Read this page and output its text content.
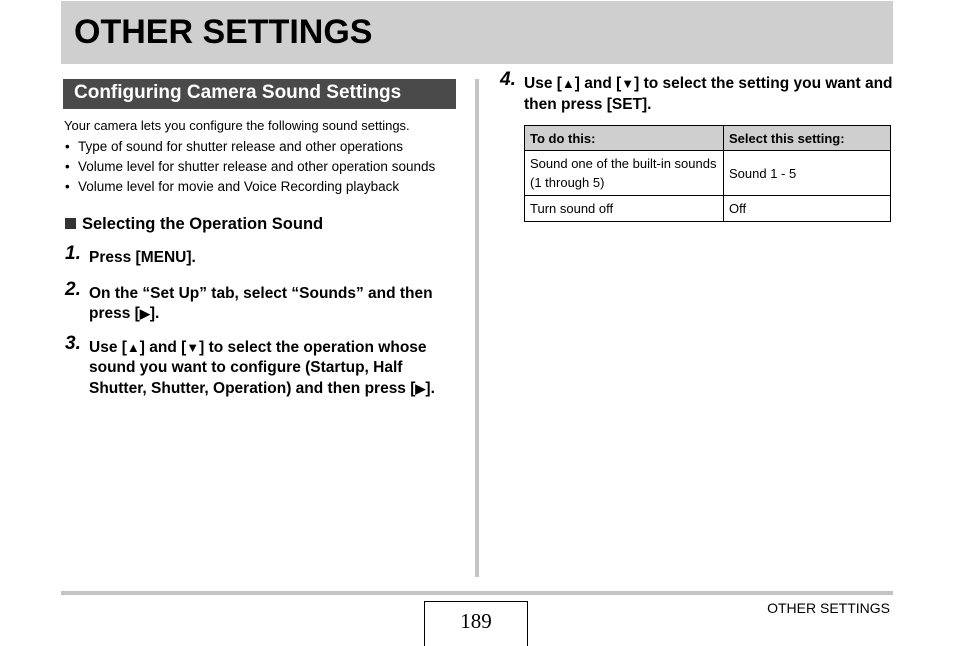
OTHER SETTINGS
Configuring Camera Sound Settings
Your camera lets you configure the following sound settings.
• Type of sound for shutter release and other operations
• Volume level for shutter release and other operation sounds
• Volume level for movie and Voice Recording playback
Selecting the Operation Sound
1. Press [MENU].
2. On the “Set Up” tab, select “Sounds” and then press [▶].
3. Use [▲] and [▼] to select the operation whose sound you want to configure (Startup, Half Shutter, Shutter, Operation) and then press [▶].
4. Use [▲] and [▼] to select the setting you want and then press [SET].
To do this:	Select this setting:
Sound one of the built-in sounds (1 through 5)	Sound 1 - 5
Turn sound off	Off
189
OTHER SETTINGS
